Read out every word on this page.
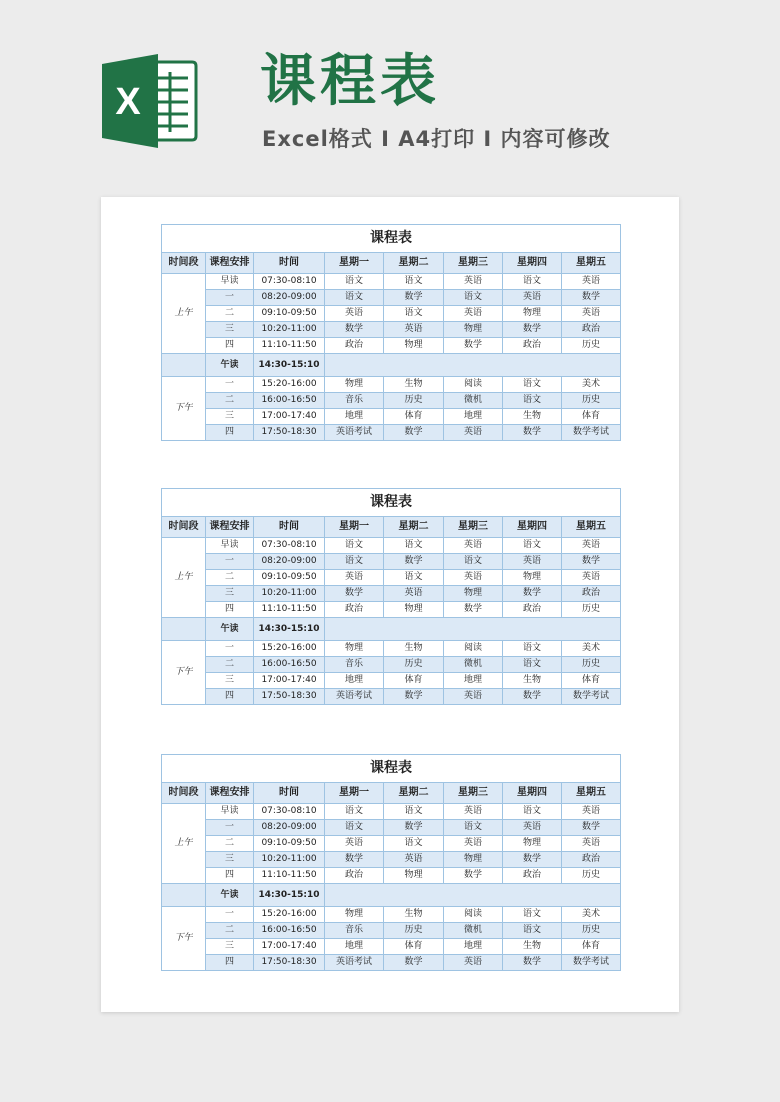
X 课程表
Excel格式 I A4打印 I 内容可修改
课程表							
时间段	课程安排	时间	星期一	星期二	星期三	星期四	星期五
上午	早读	07:30-08:10	语文	语文	英语	语文	英语
	一	08:20-09:00	语文	数学	语文	英语	数学
	二	09:10-09:50	英语	语文	英语	物理	英语
	三	10:20-11:00	数学	英语	物理	数学	政治
	四	11:10-11:50	政治	物理	数学	政治	历史
	午读	14:30-15:10					
下午	一	15:20-16:00	物理	生物	阅读	语文	美术
	二	16:00-16:50	音乐	历史	微机	语文	历史
	三	17:00-17:40	地理	体育	地理	生物	体育
	四	17:50-18:30	英语考试	数学	英语	数学	数学考试
课程表							
时间段	课程安排	时间	星期一	星期二	星期三	星期四	星期五
上午	早读	07:30-08:10	语文	语文	英语	语文	英语
	一	08:20-09:00	语文	数学	语文	英语	数学
	二	09:10-09:50	英语	语文	英语	物理	英语
	三	10:20-11:00	数学	英语	物理	数学	政治
	四	11:10-11:50	政治	物理	数学	政治	历史
	午读	14:30-15:10					
下午	一	15:20-16:00	物理	生物	阅读	语文	美术
	二	16:00-16:50	音乐	历史	微机	语文	历史
	三	17:00-17:40	地理	体育	地理	生物	体育
	四	17:50-18:30	英语考试	数学	英语	数学	数学考试
课程表							
时间段	课程安排	时间	星期一	星期二	星期三	星期四	星期五
上午	早读	07:30-08:10	语文	语文	英语	语文	英语
	一	08:20-09:00	语文	数学	语文	英语	数学
	二	09:10-09:50	英语	语文	英语	物理	英语
	三	10:20-11:00	数学	英语	物理	数学	政治
	四	11:10-11:50	政治	物理	数学	政治	历史
	午读	14:30-15:10					
下午	一	15:20-16:00	物理	生物	阅读	语文	美术
	二	16:00-16:50	音乐	历史	微机	语文	历史
	三	17:00-17:40	地理	体育	地理	生物	体育
	四	17:50-18:30	英语考试	数学	英语	数学	数学考试
